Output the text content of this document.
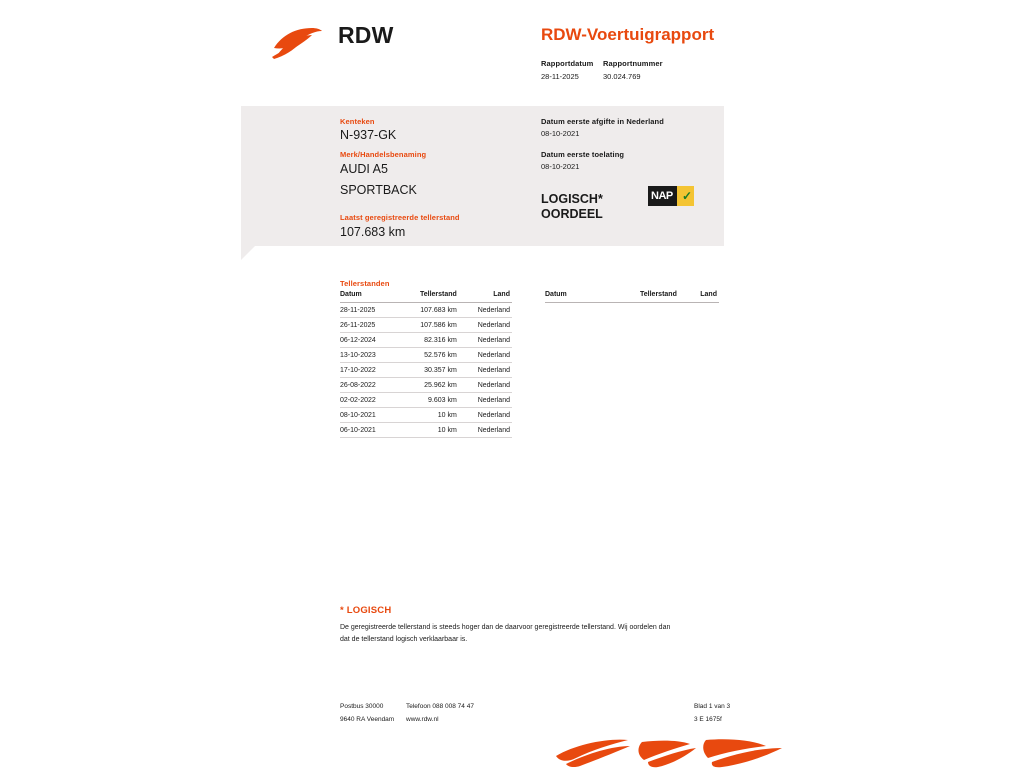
RDW	RDW-Voertuigrapport
Rapportdatum
28-11-2025
Rapportnummer
30.024.769
Kenteken
N-937-GK
Merk/Handelsbenaming
AUDI A5
SPORTBACK
Laatst geregistreerde tellerstand
107.683 km
Datum eerste afgifte in Nederland
08-10-2021
Datum eerste toelating
08-10-2021
LOGISCH*
OORDEEL
NAP ✓
Tellerstanden
Datum	Tellerstand	Land
28-11-2025	107.683 km	Nederland
26-11-2025	107.586 km	Nederland
06-12-2024	82.316 km	Nederland
13-10-2023	52.576 km	Nederland
17-10-2022	30.357 km	Nederland
26-08-2022	25.962 km	Nederland
02-02-2022	9.603 km	Nederland
08-10-2021	10 km	Nederland
06-10-2021	10 km	Nederland
Datum	Tellerstand	Land
* LOGISCH
De geregistreerde tellerstand is steeds hoger dan de daarvoor geregistreerde tellerstand. Wij oordelen dan
dat de tellerstand logisch verklaarbaar is.
Postbus 30000
9640 RA Veendam
Telefoon 088 008 74 47
www.rdw.nl
Blad 1 van 3
3 E 1675f
